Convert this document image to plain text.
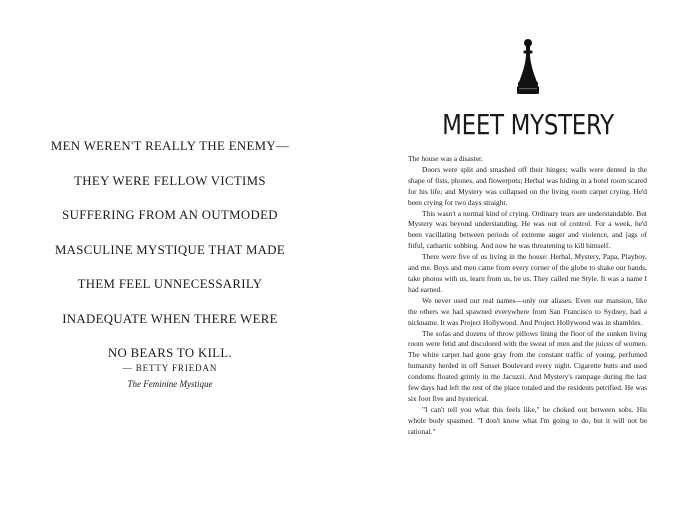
MEN WEREN'T REALLY THE ENEMY—
THEY WERE FELLOW VICTIMS
SUFFERING FROM AN OUTMODED
MASCULINE MYSTIQUE THAT MADE
THEM FEEL UNNECESSARILY
INADEQUATE WHEN THERE WERE
NO BEARS TO KILL.
— BETTY FRIEDAN
The Feminine Mystique
MEET MYSTERY

The house was a disaster.

Doors were split and smashed off their hinges; walls were dented in the shape of fists, phones, and flowerpots; Herbal was hiding in a hotel room scared for his life; and Mystery was collapsed on the living room carpet crying. He'd been crying for two days straight.

This wasn't a normal kind of crying. Ordinary tears are understandable. But Mystery was beyond understanding. He was out of control. For a week, he'd been vacillating between periods of extreme anger and violence, and jags of fitful, cathartic sobbing. And now he was threatening to kill himself.

There were five of us living in the house: Herbal, Mystery, Papa, Playboy, and me. Boys and men came from every corner of the globe to shake our hands, take photos with us, learn from us, be us. They called me Style. It was a name I had earned.

We never used our real names—only our aliases. Even our mansion, like the others we had spawned everywhere from San Francisco to Sydney, had a nickname. It was Project Hollywood. And Project Hollywood was in shambles.

The sofas and dozens of throw pillows lining the floor of the sunken living room were fetid and discolored with the sweat of men and the juices of women. The white carpet had gone gray from the constant traffic of young, perfumed humanity herded in off Sunset Boulevard every night. Cigarette butts and used condoms floated grimly in the Jacuzzi. And Mystery's rampage during the last few days had left the rest of the place totaled and the residents petrified. He was six foot five and hysterical.

"I can't tell you what this feels like," he choked out between sobs. His whole body spasmed. "I don't know what I'm going to do, but it will not be rational."
